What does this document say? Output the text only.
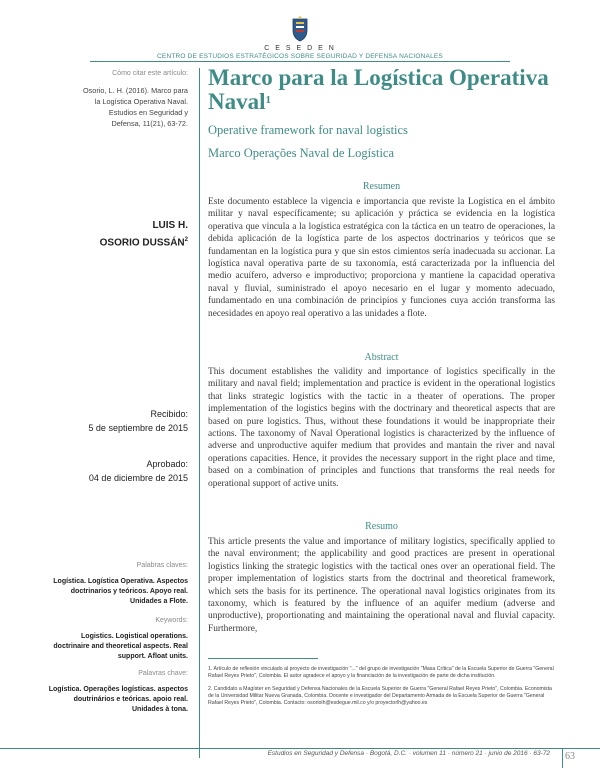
C E S E D E N
CENTRO DE ESTUDIOS ESTRATÉGICOS SOBRE SEGURIDAD Y DEFENSA NACIONALES
Cómo citar este artículo:
Osorio, L. H. (2016). Marco para la Logística Operativa Naval. Estudios en Seguridad y Defensa, 11(21), 63-72.
LUIS H.
OSORIO DUSSÁN$^2$
Recibido:
5 de septiembre de 2015
Aprobado:
04 de diciembre de 2015
Palabras claves:
Logística. Logística Operativa. Aspectos doctrinarios y teóricos. Apoyo real. Unidades a Flote.
Keywords:
Logistics. Logistical operations. doctrinaire and theoretical aspects. Real support. Afloat units.
Palavras chave:
Logística. Operações logísticas. aspectos doutrinários e teóricas. apoio real. Unidades à tona.
Marco para la Logística Operativa Naval$^1$
Operative framework for naval logistics
Marco Operações Naval de Logística
Resumen
Este documento establece la vigencia e importancia que reviste la Logística en el ámbito militar y naval específicamente; su aplicación y práctica se evidencia en la logística operativa que vincula a la logística estratégica con la táctica en un teatro de operaciones, la debida aplicación de la logística parte de los aspectos doctrinarios y teóricos que se fundamentan en la logística pura y que sin estos cimientos sería inadecuada su accionar. La logística naval operativa parte de su taxonomía, está caracterizada por la influencia del medio acuífero, adverso e improductivo; proporciona y mantiene la capacidad operativa naval y fluvial, suministrado el apoyo necesario en el lugar y momento adecuado, fundamentado en una combinación de principios y funciones cuya acción transforma las necesidades en apoyo real operativo a las unidades a flote.
Abstract
This document establishes the validity and importance of logistics specifically in the military and naval field; implementation and practice is evident in the operational logistics that links strategic logistics with the tactic in a theater of operations. The proper implementation of the logistics begins with the doctrinary and theoretical aspects that are based on pure logistics. Thus, without these foundations it would be inappropriate their actions. The taxonomy of Naval Operational logistics is characterized by the influence of adverse and unproductive aquifer medium that provides and mantain the river and naval operations capacities. Hence, it provides the necessary support in the right place and time, based on a combination of principles and functions that transforms the real needs for operational support of active units.
Resumo
This article presents the value and importance of military logistics, specifically applied to the naval environment; the applicability and good practices are present in operational logistics linking the strategic logistics with the tactical ones over an operational field. The proper implementation of logistics starts from the doctrinal and theoretical framework, which sets the basis for its pertinence. The operational naval logistics originates from its taxonomy, which is featured by the influence of an aquifer medium (adverse and unproductive), proportionating and maintaining the operational naval and fluvial capacity. Furthermore,
1. Artículo de reflexión vinculado al proyecto de investigación "..." del grupo de investigación "Masa Crítica" de la Escuela Superior de Guerra "General Rafael Reyes Prieto", Colombia. El autor agradece el apoyo y la financiación de la investigación de parte de dicha institución.
2. Candidato a Magíster en Seguridad y Defensa Nacionales de la Escuela Superior de Guerra "General Rafael Reyes Prieto", Colombia. Economista de la Universidad Militar Nueva Granada, Colombia. Docente e investigador del Departamento Armada de la Escuela Superior de Guerra "General Rafael Reyes Prieto", Colombia. Contacto: osoriolh@esdegue.mil.co y/o proyectorlh@yahoo.es
Estudios en Seguridad y Defensa · Bogotá, D.C. · volumen 11 · número 21 · junio de 2016 · 63-72 63
